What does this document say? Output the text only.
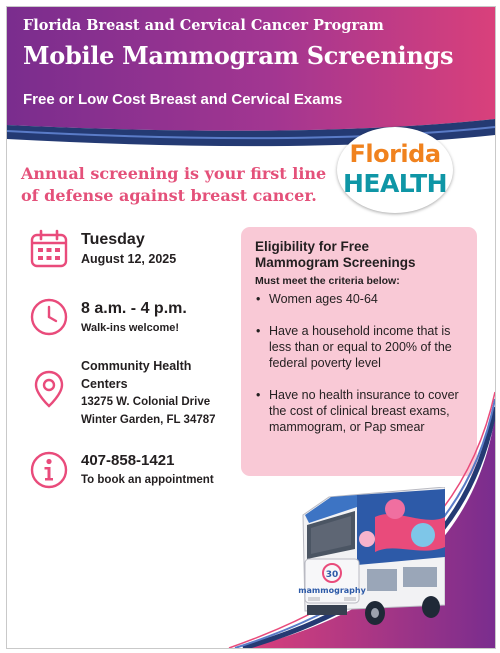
Florida Breast and Cervical Cancer Program
Mobile Mammogram Screenings
Free or Low Cost Breast and Cervical Exams
Florida
HEALTH
Annual screening is your first line
of defense against breast cancer.
Tuesday
August 12, 2025
8 a.m. - 4 p.m.
Walk-ins welcome!
Community Health
Centers
13275 W. Colonial Drive
Winter Garden, FL 34787
407-858-1421
To book an appointment
Eligibility for Free Mammogram Screenings
Must meet the criteria below:
• Women ages 40-64
• Have a household income that is less than or equal to 200% of the federal poverty level
• Have no health insurance to cover the cost of clinical breast exams, mammogram, or Pap smear
30
mammography
